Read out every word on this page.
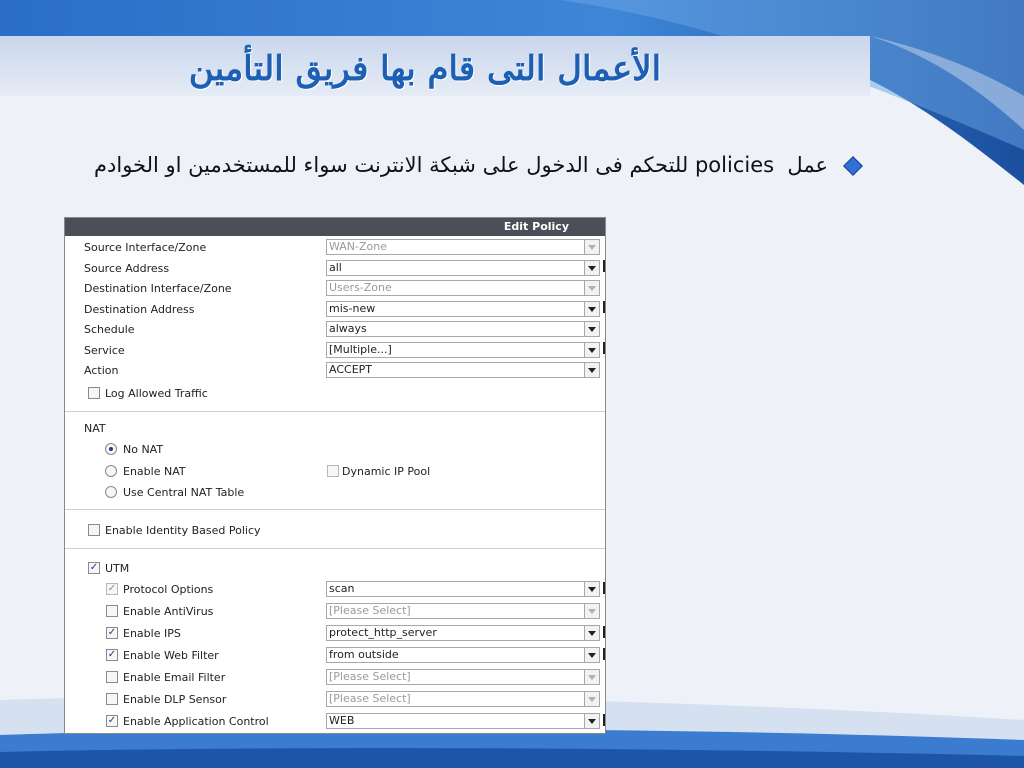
الأعمال التى قام بها فريق التأمين
عمل  policies للتحكم فى الدخول على شبكة الانترنت سواء للمستخدمين او الخوادم
Edit Policy
Source Interface/Zone	WAN-Zone
Source Address	all
Destination Interface/Zone	Users-Zone
Destination Address	mis-new
Schedule	always
Service	[Multiple...]
Action	ACCEPT
Log Allowed Traffic
NAT
No NAT
Enable NAT	Dynamic IP Pool
Use Central NAT Table
Enable Identity Based Policy
✓ UTM
✓ Protocol Options	scan
Enable AntiVirus	[Please Select]
✓ Enable IPS	protect_http_server
✓ Enable Web Filter	from outside
Enable Email Filter	[Please Select]
Enable DLP Sensor	[Please Select]
✓ Enable Application Control	WEB
